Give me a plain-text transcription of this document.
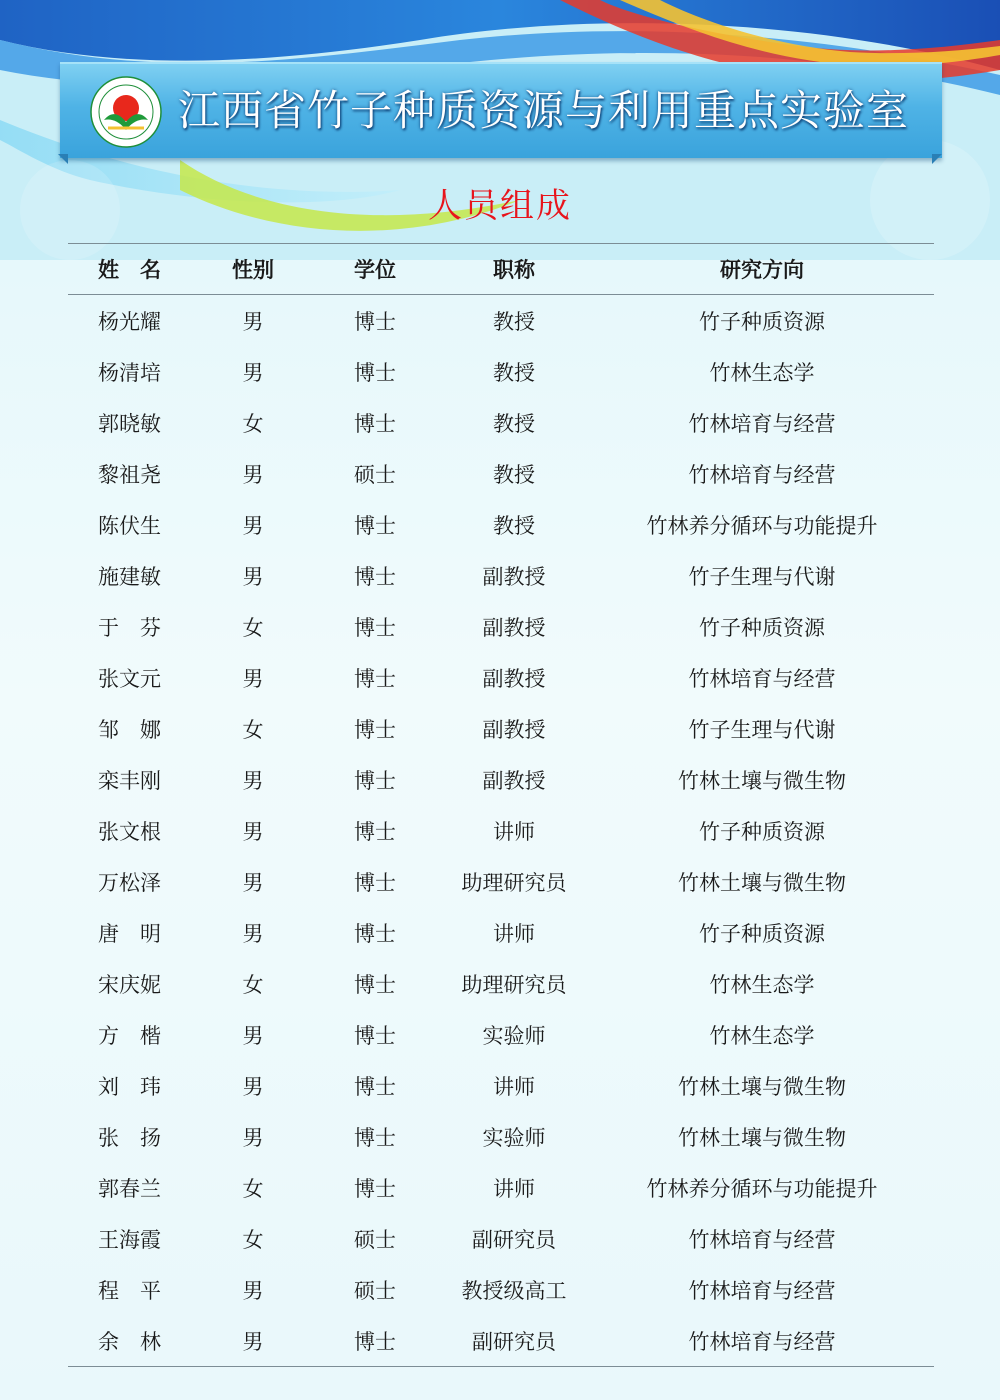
江西省竹子种质资源与利用重点实验室
人员组成
姓　名	性别	学位	职称	研究方向
杨光耀	男	博士	教授	竹子种质资源
杨清培	男	博士	教授	竹林生态学
郭晓敏	女	博士	教授	竹林培育与经营
黎祖尧	男	硕士	教授	竹林培育与经营
陈伏生	男	博士	教授	竹林养分循环与功能提升
施建敏	男	博士	副教授	竹子生理与代谢
于　芬	女	博士	副教授	竹子种质资源
张文元	男	博士	副教授	竹林培育与经营
邹　娜	女	博士	副教授	竹子生理与代谢
栾丰刚	男	博士	副教授	竹林土壤与微生物
张文根	男	博士	讲师	竹子种质资源
万松泽	男	博士	助理研究员	竹林土壤与微生物
唐　明	男	博士	讲师	竹子种质资源
宋庆妮	女	博士	助理研究员	竹林生态学
方　楷	男	博士	实验师	竹林生态学
刘　玮	男	博士	讲师	竹林土壤与微生物
张　扬	男	博士	实验师	竹林土壤与微生物
郭春兰	女	博士	讲师	竹林养分循环与功能提升
王海霞	女	硕士	副研究员	竹林培育与经营
程　平	男	硕士	教授级高工	竹林培育与经营
余　林	男	博士	副研究员	竹林培育与经营
